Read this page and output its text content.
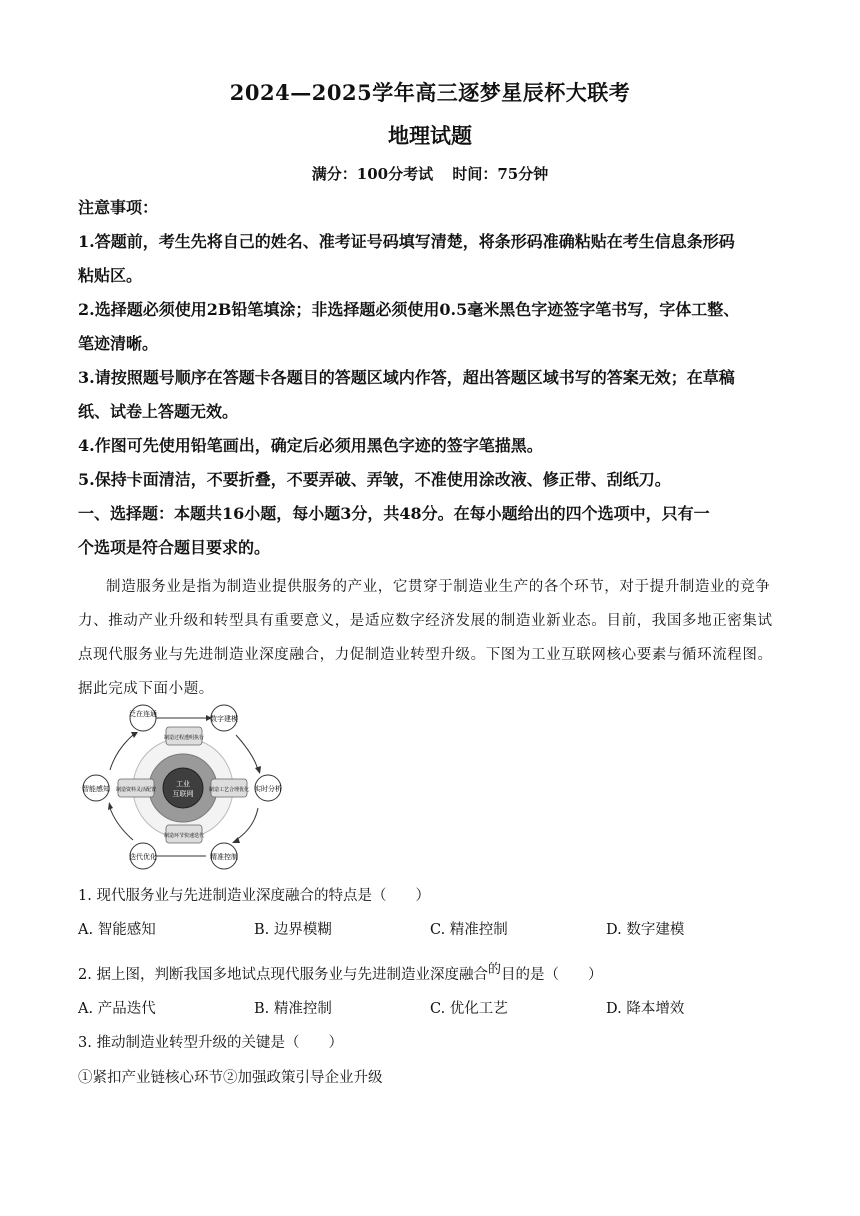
2024—2025学年高三逐梦星辰杯大联考
地理试题
满分：100分考试 时间：75分钟
注意事项：
1.答题前，考生先将自己的姓名、准考证号码填写清楚，将条形码准确粘贴在考生信息条形码
粘贴区。
2.选择题必须使用2B铅笔填涂；非选择题必须使用0.5毫米黑色字迹签字笔书写，字体工整、
笔迹清晰。
3.请按照题号顺序在答题卡各题目的答题区域内作答，超出答题区域书写的答案无效；在草稿
纸、试卷上答题无效。
4.作图可先使用铅笔画出，确定后必须用黑色字迹的签字笔描黑。
5.保持卡面清洁，不要折叠，不要弄破、弄皱，不准使用涂改液、修正带、刮纸刀。
一、选择题：本题共16小题，每小题3分，共48分。在每小题给出的四个选项中，只有一
个选项是符合题目要求的。
制造服务业是指为制造业提供服务的产业，它贯穿于制造业生产的各个环节，对于提升制造业的竞争
力、推动产业升级和转型具有重要意义，是适应数字经济发展的制造业新业态。目前，我国多地正密集试
点现代服务业与先进制造业深度融合，力促制造业转型升级。下图为工业互联网核心要素与循环流程图。
据此完成下面小题。
泛在连通
数字建模
实时分析
精准控制
迭代优化
智能感知
工业
互联网
制造过程透明执行
制造工艺合理优化
制造环节快速迭代
制造资料灵活配置
1. 现代服务业与先进制造业深度融合的特点是（　　）
A. 智能感知	B. 边界模糊	C. 精准控制	D. 数字建模
2. 据上图，判断我国多地试点现代服务业与先进制造业深度融合$^的$目的是（　　）
A. 产品迭代	B. 精准控制	C. 优化工艺	D. 降本增效
3. 推动制造业转型升级的关键是（　　）
①紧扣产业链核心环节②加强政策引导企业升级
